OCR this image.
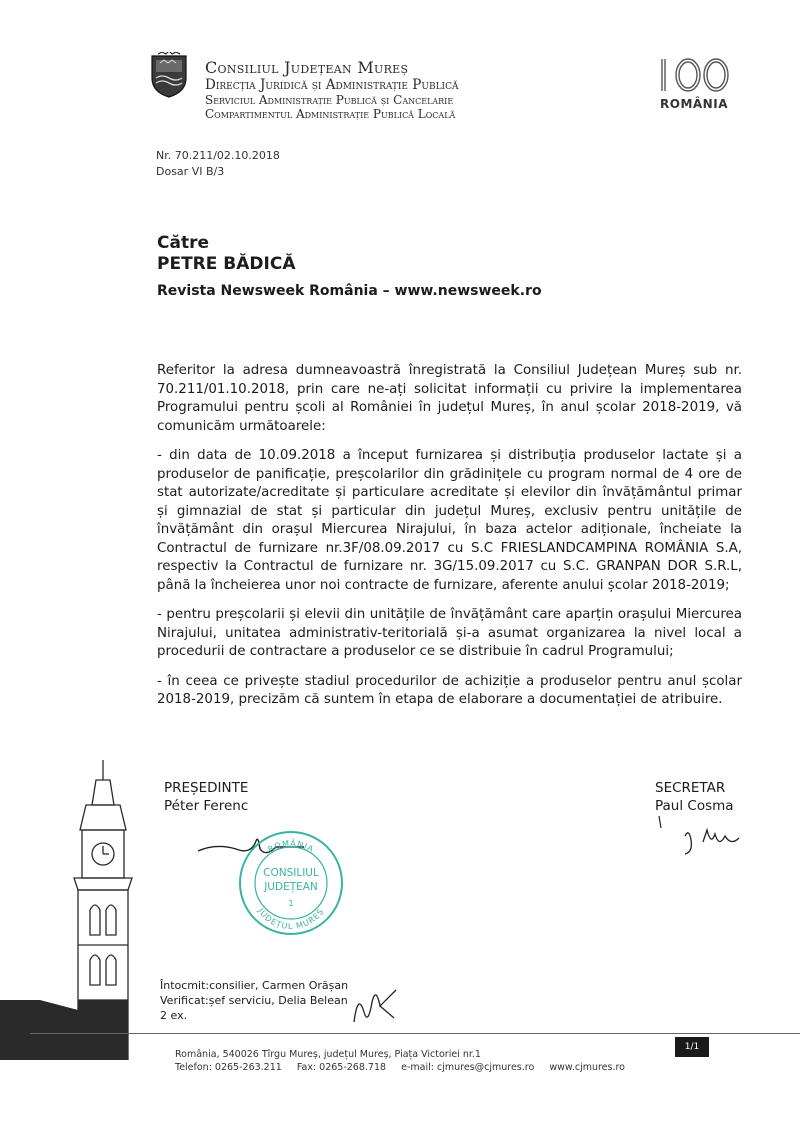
Consiliul Județean Mureș
Direcția Juridică și Administrație Publică
Serviciul Administrație Publică și Cancelarie
Compartimentul Administrație Publică Locală
ROMÂNIA
Nr. 70.211/02.10.2018
Dosar VI B/3
Către
PETRE BĂDICĂ
Revista Newsweek România – www.newsweek.ro

Referitor la adresa dumneavoastră înregistrată la Consiliul Județean Mureș sub nr. 70.211/01.10.2018, prin care ne-ați solicitat informații cu privire la implementarea Programului pentru școli al României în județul Mureș, în anul școlar 2018-2019, vă comunicăm următoarele:

- din data de 10.09.2018 a început furnizarea și distribuția produselor lactate și a produselor de panificație, preșcolarilor din grădinițele cu program normal de 4 ore de stat autorizate/acreditate și particulare acreditate și elevilor din învățământul primar și gimnazial de stat și particular din județul Mureș, exclusiv pentru unitățile de învățământ din orașul Miercurea Nirajului, în baza actelor adiționale, încheiate la Contractul de furnizare nr.3F/08.09.2017 cu S.C FRIESLANDCAMPINA ROMÂNIA S.A, respectiv la Contractul de furnizare nr. 3G/15.09.2017 cu S.C. GRANPAN DOR S.R.L, până la încheierea unor noi contracte de furnizare, aferente anului școlar 2018-2019;

- pentru preșcolarii și elevii din unitățile de învățământ care aparțin orașului Miercurea Nirajului, unitatea administrativ-teritorială și-a asumat organizarea la nivel local a procedurii de contractare a produselor ce se distribuie în cadrul Programului;

- în ceea ce privește stadiul procedurilor de achiziție a produselor pentru anul școlar 2018-2019, precizăm că suntem în etapa de elaborare a documentației de atribuire.

PREȘEDINTE
Péter Ferenc
SECRETAR
Paul Cosma
ROMÂNIA
JUDEȚUL MUREȘ
CONSILIUL
JUDEȚEAN
1
Întocmit:consilier, Carmen Orășan
Verificat:șef serviciu, Delia Belean
2 ex.
1/1
România, 540026 Tîrgu Mureș, județul Mureș, Piața Victoriei nr.1
Telefon: 0265-263.211     Fax: 0265-268.718     e-mail: cjmures@cjmures.ro     www.cjmures.ro
